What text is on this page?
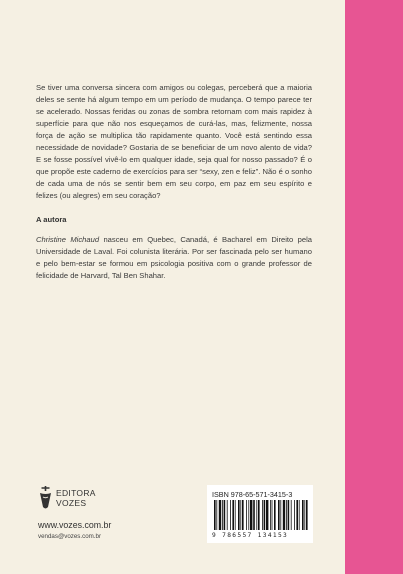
Se tiver uma conversa sincera com amigos ou colegas, perceberá que a maioria deles se sente há algum tempo em um período de mudança. O tempo parece ter se acelerado. Nossas feridas ou zonas de sombra retornam com mais rapidez à superfície para que não nos esqueçamos de curá-las, mas, felizmente, nossa força de ação se multiplica tão rapidamente quanto. Você está sentindo essa necessidade de novidade? Gostaria de se beneficiar de um novo alento de vida? E se fosse possível vivê-lo em qualquer idade, seja qual for nosso passado? É o que propõe este caderno de exercícios para ser “sexy, zen e feliz”. Não é o sonho de cada uma de nós se sentir bem em seu corpo, em paz em seu espírito e felizes (ou alegres) em seu coração?

A autora

Christine Michaud nasceu em Quebec, Canadá, é Bacharel em Direito pela Universidade de Laval. Foi colunista literária. Por ser fascinada pelo ser humano e pelo bem-estar se formou em psicologia positiva com o grande professor de felicidade de Harvard, Tal Ben Shahar.

EDITORA
VOZES
www.vozes.com.br
vendas@vozes.com.br
ISBN 978-65-571-3415-3
9 786557 134153
